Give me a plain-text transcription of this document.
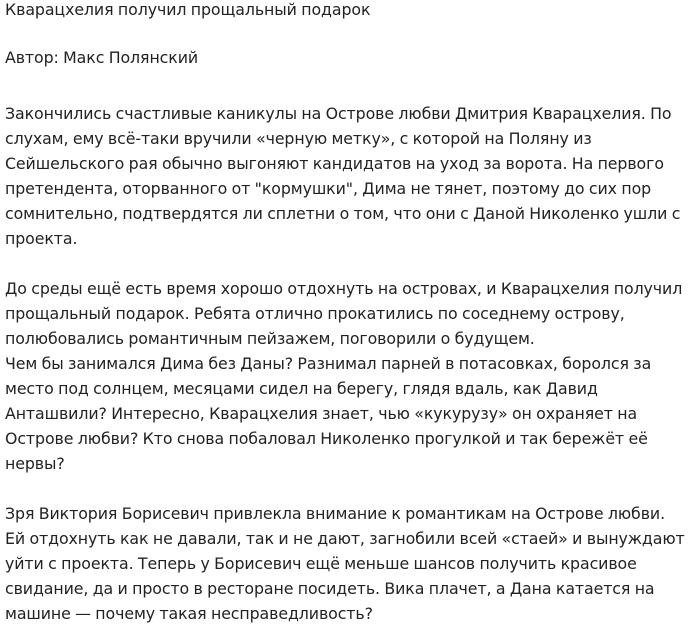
Кварацхелия получил прощальный подарок

Автор: Макс Полянский

Закончились счастливые каникулы на Острове любви Дмитрия Кварацхелия. По

слухам, ему всё-таки вручили «черную метку», с которой на Поляну из

Сейшельского рая обычно выгоняют кандидатов на уход за ворота. На первого

претендента, оторванного от "кормушки", Дима не тянет, поэтому до сих пор

сомнительно, подтвердятся ли сплетни о том, что они с Даной Николенко ушли с

проекта.

До среды ещё есть время хорошо отдохнуть на островах, и Кварацхелия получил

прощальный подарок. Ребята отлично прокатились по соседнему острову,

полюбовались романтичным пейзажем, поговорили о будущем.

Чем бы занимался Дима без Даны? Разнимал парней в потасовках, боролся за

место под солнцем, месяцами сидел на берегу, глядя вдаль, как Давид

Анташвили? Интересно, Кварацхелия знает, чью «кукурузу» он охраняет на

Острове любви? Кто снова побаловал Николенко прогулкой и так бережёт её

нервы?

Зря Виктория Борисевич привлекла внимание к романтикам на Острове любви.

Ей отдохнуть как не давали, так и не дают, загнобили всей «стаей» и вынуждают

уйти с проекта. Теперь у Борисевич ещё меньше шансов получить красивое

свидание, да и просто в ресторане посидеть. Вика плачет, а Дана катается на

машине — почему такая несправедливость?
